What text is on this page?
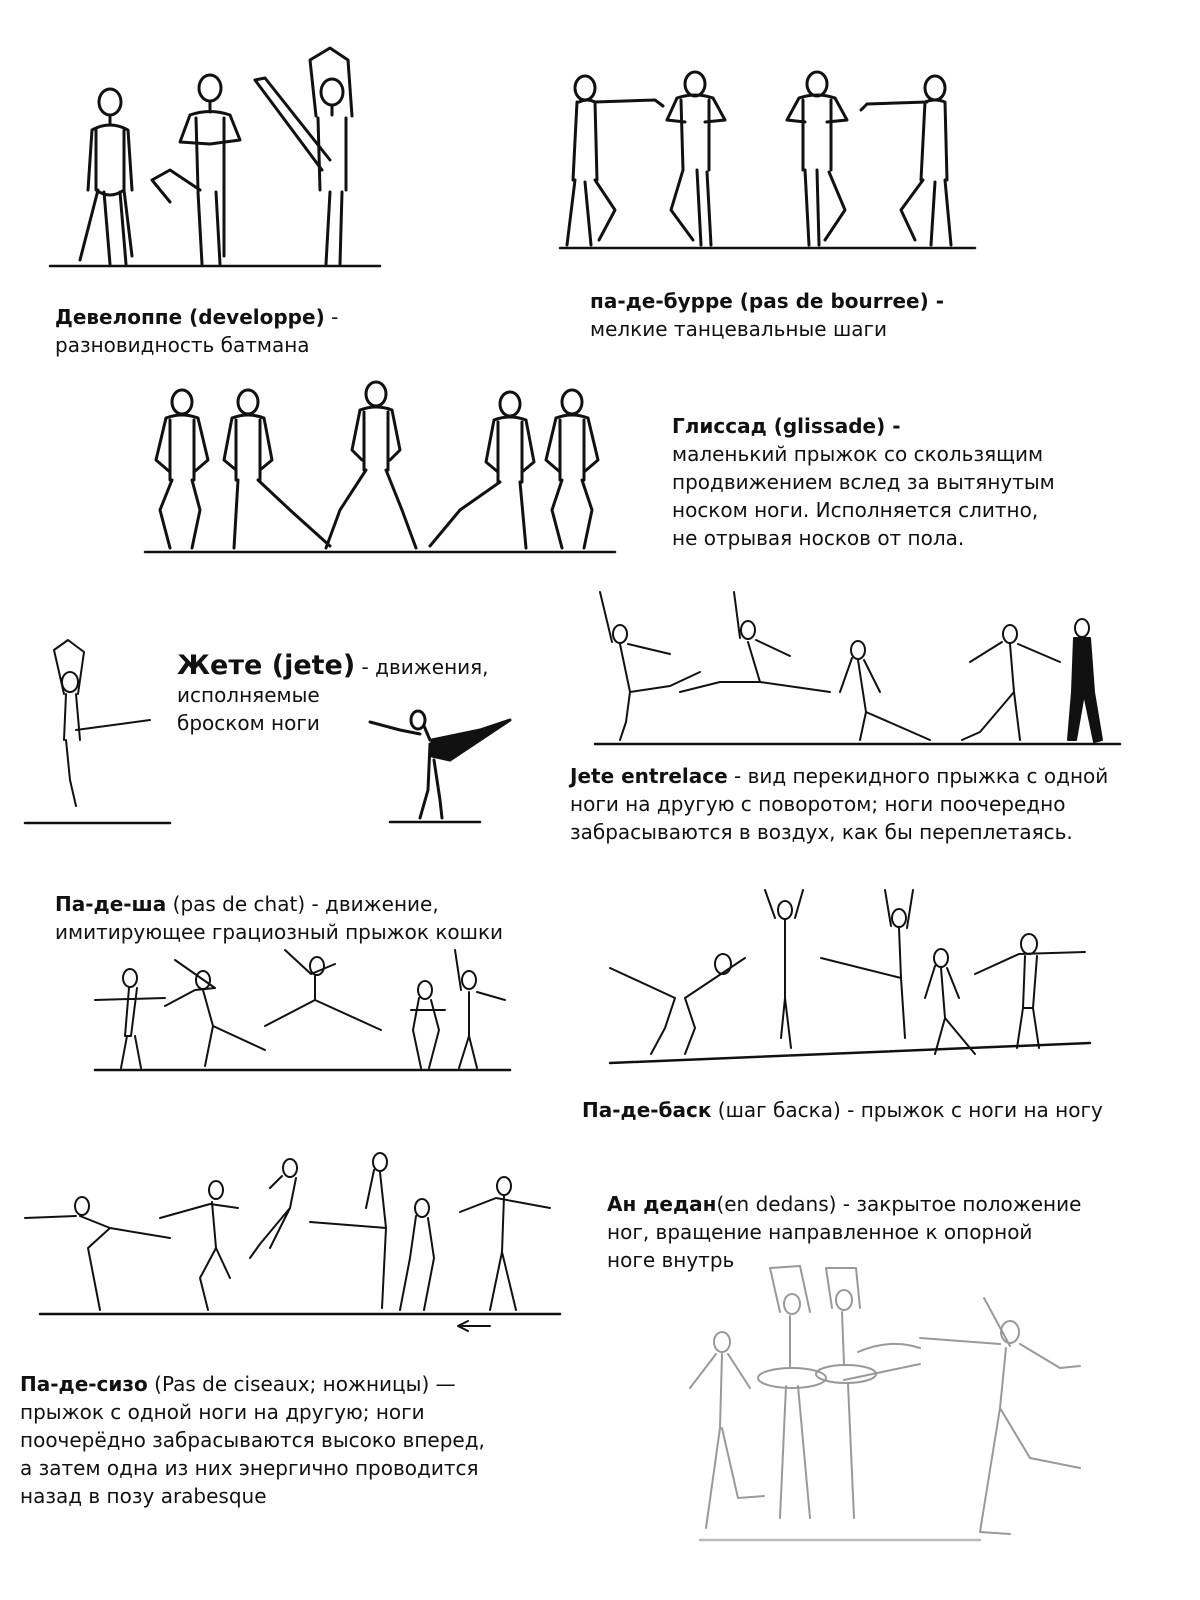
Девелоппе (developpe) -
разновидность батмана
па-де-бурре (pas de bourree) -
мелкие танцевальные шаги
Глиссад (glissade) -
маленький прыжок со скользящим
продвижением вслед за вытянутым
носком ноги. Исполняется слитно,
не отрывая носков от пола.
Жете (jete) - движения,
исполняемые
броском ноги
Jete entrelace - вид перекидного прыжка с одной
ноги на другую с поворотом; ноги поочередно
забрасываются в воздух, как бы переплетаясь.
Па-де-ша (pas de chat) - движение,
имитирующее грациозный прыжок кошки
Па-де-баск (шаг баска) - прыжок с ноги на ногу
Ан дедан(en dedans) - закрытое положение
ног, вращение направленное к опорной
ноге внутрь
Па-де-сизо (Pas de ciseaux; ножницы) —
прыжок с одной ноги на другую; ноги
поочерёдно забрасываются высоко вперед,
а затем одна из них энергично проводится
назад в позу arabesque
